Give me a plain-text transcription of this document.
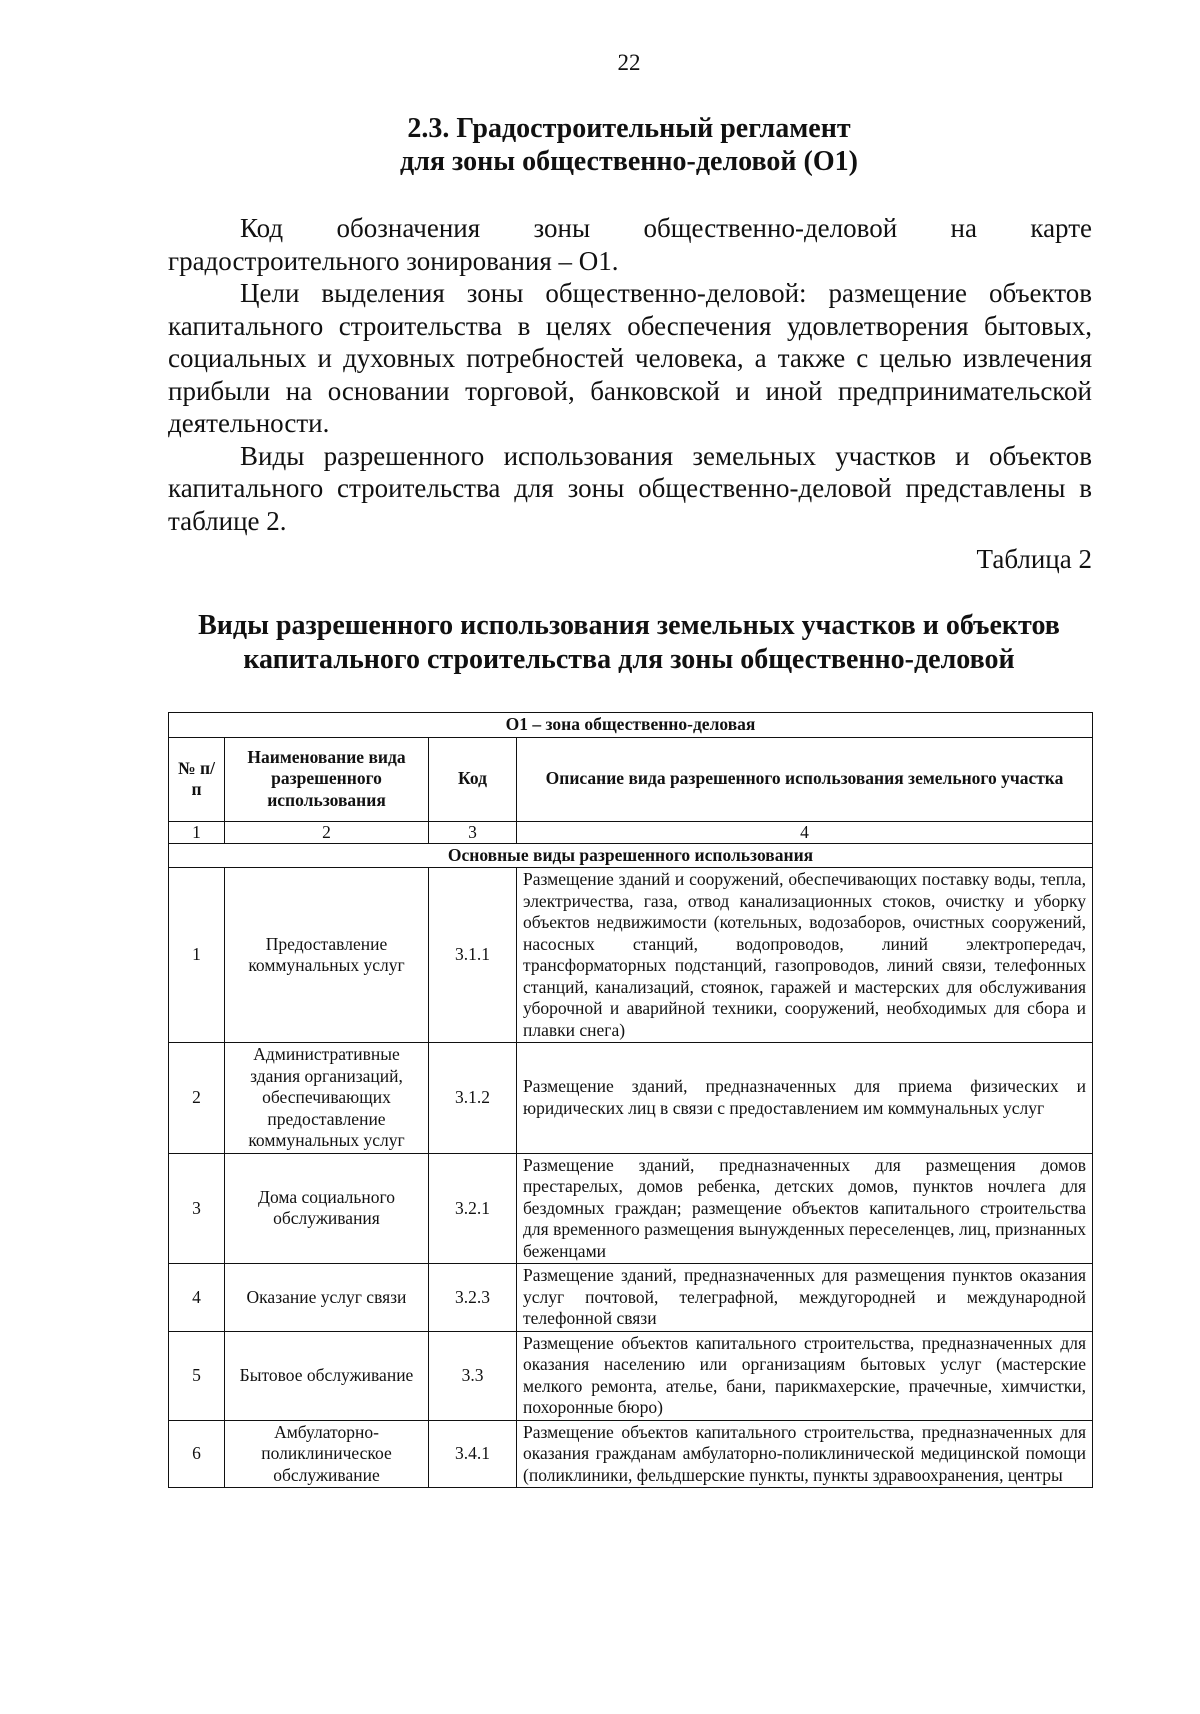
22
2.3. Градостроительный регламент
для зоны общественно-деловой (О1)

Код обозначения зоны общественно-деловой на карте градостроительного зонирования – О1.

Цели выделения зоны общественно-деловой: размещение объектов капитального строительства в целях обеспечения удовлетворения бытовых, социальных и духовных потребностей человека, а также с целью извлечения прибыли на основании торговой, банковской и иной предпринимательской деятельности.

Виды разрешенного использования земельных участков и объектов капитального строительства для зоны общественно-деловой представлены в таблице 2.

Таблица 2
Виды разрешенного использования земельных участков и объектов
капитального строительства для зоны общественно-деловой
О1 – зона общественно-деловая			
№ п/п	Наименование вида разрешенного использования	Код	Описание вида разрешенного использования земельного участка
1	2	3	4
Основные виды разрешенного использования			
1	Предоставление коммунальных услуг	3.1.1	Размещение зданий и сооружений, обеспечивающих поставку воды, тепла, электричества, газа, отвод канализационных стоков, очистку и уборку объектов недвижимости (котельных, водозаборов, очистных сооружений, насосных станций, водопроводов, линий электропередач, трансформаторных подстанций, газопроводов, линий связи, телефонных станций, канализаций, стоянок, гаражей и мастерских для обслуживания уборочной и аварийной техники, сооружений, необходимых для сбора и плавки снега)
2	Административные здания организаций, обеспечивающих предоставление коммунальных услуг	3.1.2	Размещение зданий, предназначенных для приема физических и юридических лиц в связи с предоставлением им коммунальных услуг
3	Дома социального обслуживания	3.2.1	Размещение зданий, предназначенных для размещения домов престарелых, домов ребенка, детских домов, пунктов ночлега для бездомных граждан; размещение объектов капитального строительства для временного размещения вынужденных переселенцев, лиц, признанных беженцами
4	Оказание услуг связи	3.2.3	Размещение зданий, предназначенных для размещения пунктов оказания услуг почтовой, телеграфной, междугородней и международной телефонной связи
5	Бытовое обслуживание	3.3	Размещение объектов капитального строительства, предназначенных для оказания населению или организациям бытовых услуг (мастерские мелкого ремонта, ателье, бани, парикмахерские, прачечные, химчистки, похоронные бюро)
6	Амбулаторно-поликлиническое обслуживание	3.4.1	Размещение объектов капитального строительства, предназначенных для оказания гражданам амбулаторно-поликлинической медицинской помощи (поликлиники, фельдшерские пункты, пункты здравоохранения, центры
